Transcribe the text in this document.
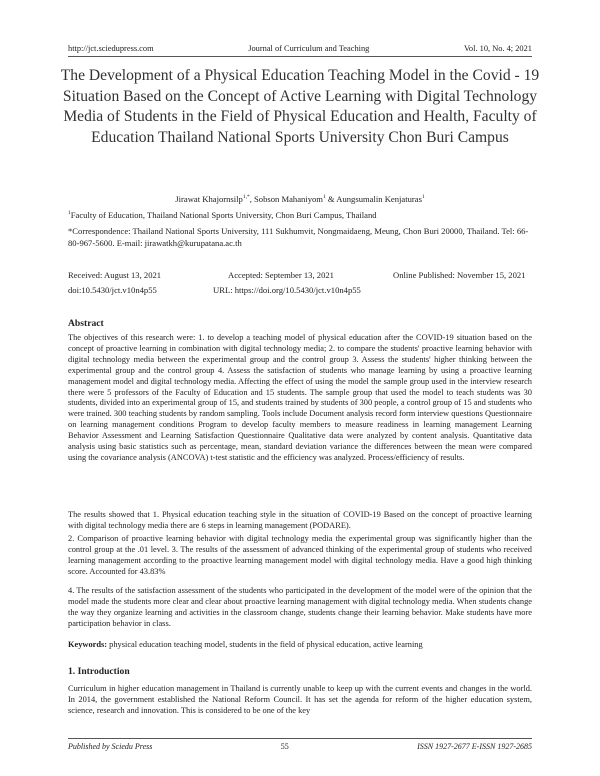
http://jct.sciedupress.com	Journal of Curriculum and Teaching	Vol. 10, No. 4; 2021
The Development of a Physical Education Teaching Model in the Covid - 19 Situation Based on the Concept of Active Learning with Digital Technology Media of Students in the Field of Physical Education and Health, Faculty of Education Thailand National Sports University Chon Buri Campus
Jirawat Khajornsilp$^{1,*}$, Sobson Mahaniyom$^1$ & Aungsumalin Kenjaturas$^1$
$^1$Faculty of Education, Thailand National Sports University, Chon Buri Campus, Thailand
*Correspondence: Thailand National Sports University, 111 Sukhumvit, Nongmaidaeng, Meung, Chon Buri 20000, Thailand. Tel: 66-80-967-5600. E-mail: jirawatkh@kurupatana.ac.th
Received: August 13, 2021	Accepted: September 13, 2021	Online Published: November 15, 2021
doi:10.5430/jct.v10n4p55	URL: https://doi.org/10.5430/jct.v10n4p55
Abstract

The objectives of this research were: 1. to develop a teaching model of physical education after the COVID-19 situation based on the concept of proactive learning in combination with digital technology media; 2. to compare the students' proactive learning behavior with digital technology media between the experimental group and the control group 3. Assess the students' higher thinking between the experimental group and the control group 4. Assess the satisfaction of students who manage learning by using a proactive learning management model and digital technology media. Affecting the effect of using the model the sample group used in the interview research there were 5 professors of the Faculty of Education and 15 students. The sample group that used the model to teach students was 30 students, divided into an experimental group of 15, and students trained by students of 300 people, a control group of 15 and students who were trained. 300 teaching students by random sampling. Tools include Document analysis record form interview questions Questionnaire on learning management conditions Program to develop faculty members to measure readiness in learning management Learning Behavior Assessment and Learning Satisfaction Questionnaire Qualitative data were analyzed by content analysis. Quantitative data analysis using basic statistics such as percentage, mean, standard deviation variance the differences between the mean were compared using the covariance analysis (ANCOVA) t-test statistic and the efficiency was analyzed. Process/efficiency of results.

The results showed that 1. Physical education teaching style in the situation of COVID-19 Based on the concept of proactive learning with digital technology media there are 6 steps in learning management (PODARE).

2. Comparison of proactive learning behavior with digital technology media the experimental group was significantly higher than the control group at the .01 level. 3. The results of the assessment of advanced thinking of the experimental group of students who received learning management according to the proactive learning management model with digital technology media. Have a good high thinking score. Accounted for 43.83%

4. The results of the satisfaction assessment of the students who participated in the development of the model were of the opinion that the model made the students more clear and clear about proactive learning management with digital technology media. When students change the way they organize learning and activities in the classroom change, students change their learning behavior. Make students have more participation behavior in class.

Keywords: physical education teaching model, students in the field of physical education, active learning
1. Introduction

Curriculum in higher education management in Thailand is currently unable to keep up with the current events and changes in the world. In 2014, the government established the National Reform Council. It has set the agenda for reform of the higher education system, science, research and innovation. This is considered to be one of the key

Published by Sciedu Press	55	ISSN 1927-2677 E-ISSN 1927-2685
